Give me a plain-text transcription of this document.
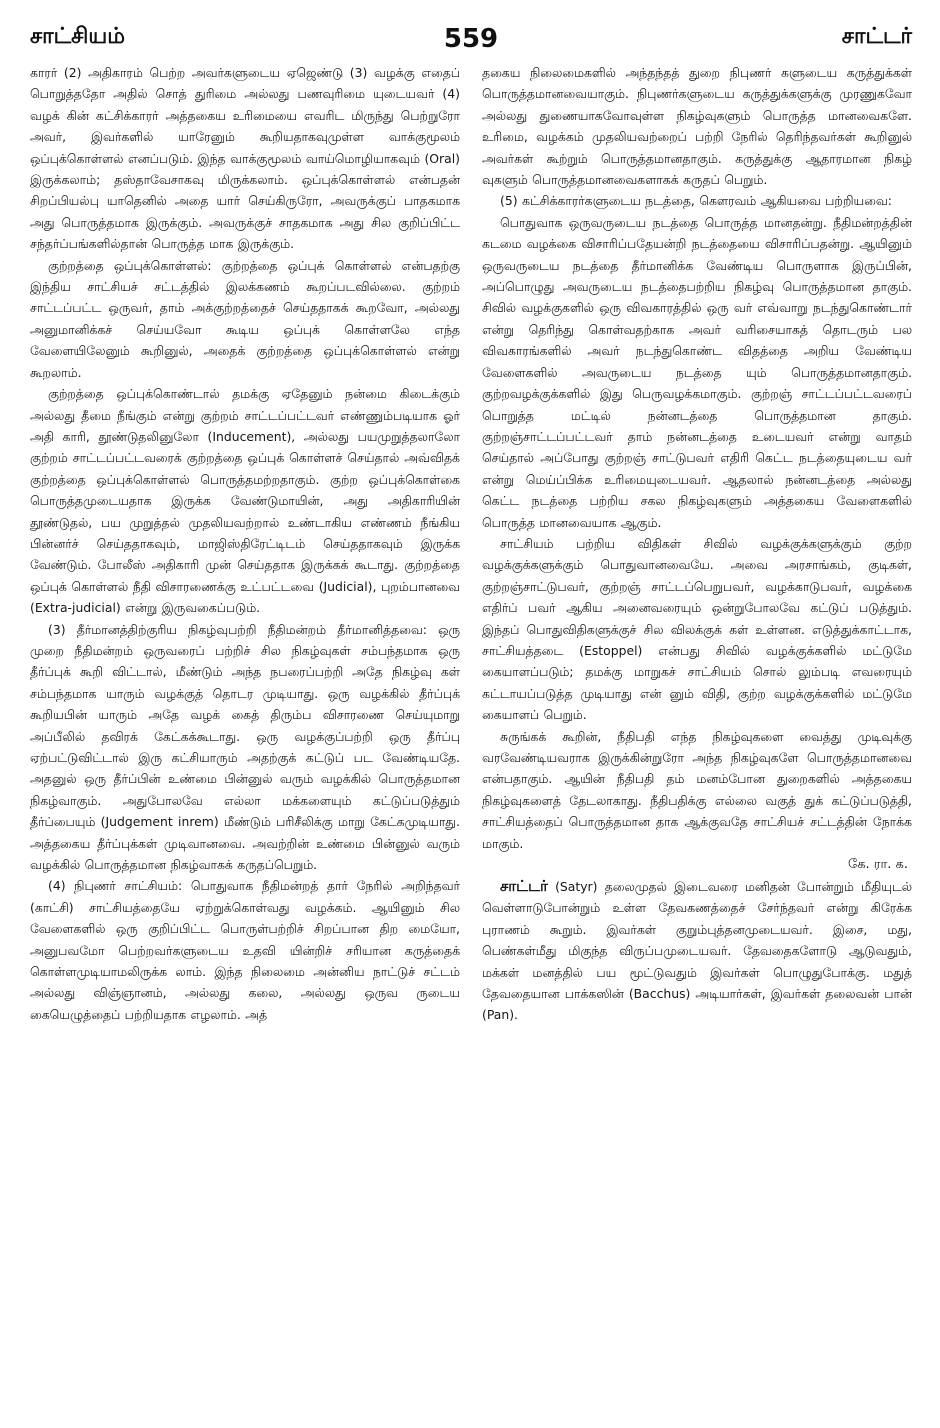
சாட்சியம்	559	சாட்டர்

காரர் (2) அதிகாரம் பெற்ற அவர்களுடைய ஏஜெண்டு (3) வழக்கு எதைப் பொறுத்ததோ அதில் சொத் துரிமை அல்லது பணவுரிமை யுடையவர் (4) வழக் கின் கட்சிக்காரர் அத்தகைய உரிமையை எவரிட மிருந்து பெற்றுரோ அவர், இவர்களில் யாரேனும் கூறியதாகவுமுள்ள வாக்குமூலம் ஒப்புக்கொள்ளல் எனப்படும். இந்த வாக்குமூலம் வாய்மொழியாகவும் (Oral) இருக்கலாம்; தஸ்தாவேசாகவு மிருக்கலாம். ஒப்புக்கொள்ளல் என்பதன் சிறப்பியல்பு யாதெனில் அதை யார் செய்கிருரோ, அவருக்குப் பாதகமாக அது பொருத்தமாக இருக்கும். அவருக்குச் சாதகமாக அது சில குறிப்பிட்ட சந்தர்ப்பங்களில்தான் பொருத்த மாக இருக்கும்.

குற்றத்தை ஒப்புக்கொள்ளல்: குற்றத்தை ஒப்புக் கொள்ளல் என்பதற்கு இந்திய சாட்சியச் சட்டத்தில் இலக்கணம் கூறப்படவில்லை. குற்றம் சாட்டப்பட்ட ஒருவர், தாம் அக்குற்றத்தைச் செய்ததாகக் கூறவோ, அல்லது அனுமானிக்கச் செய்யவோ கூடிய ஒப்புக் கொள்ளலே எந்த வேளையிலேனும் கூறினுல், அதைக் குற்றத்தை ஒப்புக்கொள்ளல் என்று கூறலாம்.

குற்றத்தை ஒப்புக்கொண்டால் தமக்கு ஏதேனும் நன்மை கிடைக்கும் அல்லது தீமை நீங்கும் என்று குற்றம் சாட்டப்பட்டவர் எண்ணும்படியாக ஓர் அதி காரி, தூண்டுதலினுலோ (Inducement), அல்லது பயமுறுத்தலாலோ குற்றம் சாட்டப்பட்டவரைக் குற்றத்தை ஒப்புக் கொள்ளச் செய்தால் அவ்விதக் குற்றத்தை ஒப்புக்கொள்ளல் பொருத்தமற்றதாகும். குற்ற ஒப்புக்கொள்கை பொருத்தமுடையதாக இருக்க வேண்டுமாயின், அது அதிகாரியின் தூண்டுதல், பய முறுத்தல் முதலியவற்றால் உண்டாகிய எண்ணம் நீங்கிய பின்னர்ச் செய்ததாகவும், மாஜிஸ்திரேட்டிடம் செய்ததாகவும் இருக்க வேண்டும். போலீஸ் அதிகாரி முன் செய்ததாக இருக்கக் கூடாது. குற்றத்தை ஒப்புக் கொள்ளல் நீதி விசாரணைக்கு உட்பட்டவை (Judicial), புறம்பானவை (Extra-judicial) என்று இருவகைப்படும்.

(3) தீர்மானத்திற்குரிய நிகழ்வுபற்றி நீதிமன்றம் தீர்மானித்தவை: ஒரு முறை நீதிமன்றம் ஒருவரைப் பற்றிச் சில நிகழ்வுகள் சம்பந்தமாக ஒரு தீர்ப்புக் கூறி விட்டால், மீண்டும் அந்த நபரைப்பற்றி அதே நிகழ்வு கள் சம்பந்தமாக யாரும் வழக்குத் தொடர முடியாது. ஒரு வழக்கில் தீர்ப்புக் கூறியபின் யாரும் அதே வழக் கைத் திரும்ப விசாரணை செய்யுமாறு அப்பீலில் தவிரக் கேட்கக்கூடாது. ஒரு வழக்குப்பற்றி ஒரு தீர்ப்பு ஏற்பட்டுவிட்டால் இரு கட்சியாரும் அதற்குக் கட்டுப் பட வேண்டியதே. அதனுல் ஒரு தீர்ப்பின் உண்மை பின்னுல் வரும் வழக்கில் பொருத்தமான நிகழ்வாகும். அதுபோலவே எல்லா மக்களையும் கட்டுப்படுத்தும் தீர்ப்பையும் (Judgement inrem) மீண்டும் பரிசீலிக்கு மாறு கேட்கமுடியாது. அத்தகைய தீர்ப்புக்கள் முடிவானவை. அவற்றின் உண்மை பின்னுல் வரும் வழக்கில் பொருத்தமான நிகழ்வாகக் கருதப்பெறும்.

(4) நிபுணர் சாட்சியம்: பொதுவாக நீதிமன்றத் தார் நேரில் அறிந்தவர் (காட்சி) சாட்சியத்தையே ஏற்றுக்கொள்வது வழக்கம். ஆயினும் சில வேளைகளில் ஒரு குறிப்பிட்ட பொருள்பற்றிச் சிறப்பான திற மையோ, அனுபவமோ பெற்றவர்களுடைய உதவி யின்றிச் சரியான கருத்தைக் கொள்ளமுடியாமலிருக்க லாம். இந்த நிலைமை அன்னிய நாட்டுச் சட்டம் அல்லது விஞ்ஞானம், அல்லது கலை, அல்லது ஒருவ ருடைய கையெழுத்தைப் பற்றியதாக எழலாம். அத்

தகைய நிலைமைகளில் அந்தந்தத் துறை நிபுணர் களுடைய கருத்துக்கள் பொருத்தமானவையாகும். நிபுணர்களுடைய கருத்துக்களுக்கு முரணுகவோ அல்லது துணையாகவோவுள்ள நிகழ்வுகளும் பொருத்த மானவைகளே. உரிமை, வழக்கம் முதலியவற்றைப் பற்றி நேரில் தெரிந்தவர்கள் கூறினுல் அவர்கள் கூற்றும் பொருத்தமானதாகும். கருத்துக்கு ஆதாரமான நிகழ் வுகளும் பொருத்தமானவைகளாகக் கருதப் பெறும்.

(5) கட்சிக்காரர்களுடைய நடத்தை, கௌரவம் ஆகியவை பற்றியவை:

பொதுவாக ஒருவருடைய நடத்தை பொருத்த மானதன்று. நீதிமன்றத்தின் கடமை வழக்கை விசாரிப்பதேயன்றி நடத்தையை விசாரிப்பதன்று. ஆயினும் ஒருவருடைய நடத்தை தீர்மானிக்க வேண்டிய பொருளாக இருப்பின், அப்பொழுது அவருடைய நடத்தைபற்றிய நிகழ்வு பொருத்தமான தாகும். சிவில் வழக்குகளில் ஒரு விவகாரத்தில் ஒரு வர் எவ்வாறு நடந்துகொண்டார் என்று தெரிந்து கொள்வதற்காக அவர் வரிசையாகத் தொடரும் பல விவகாரங்களில் அவர் நடந்துகொண்ட விதத்தை அறிய வேண்டிய வேளைகளில் அவருடைய நடத்தை யும் பொருத்தமானதாகும். குற்றவழக்குக்களில் இது பெருவழக்கமாகும். குற்றஞ் சாட்டப்பட்டவரைப் பொறுத்த மட்டில் நன்னடத்தை பொருத்தமான தாகும். குற்றஞ்சாட்டப்பட்டவர் தாம் நன்னடத்தை உடையவர் என்று வாதம் செய்தால் அப்போது குற்றஞ் சாட்டுபவர் எதிரி கெட்ட நடத்தையுடைய வர் என்று மெய்ப்பிக்க உரிமையுடையவர். ஆதலால் நன்னடத்தை அல்லது கெட்ட நடத்தை பற்றிய சகல நிகழ்வுகளும் அத்தகைய வேளைகளில் பொருத்த மானவையாக ஆகும்.

சாட்சியம் பற்றிய விதிகள் சிவில் வழக்குக்களுக்கும் குற்ற வழக்குக்களுக்கும் பொதுவானவையே. அவை அரசாங்கம், குடிகள், குற்றஞ்சாட்டுபவர், குற்றஞ் சாட்டப்பெறுபவர், வழக்காடுபவர், வழக்கை எதிர்ப் பவர் ஆகிய அனைவரையும் ஒன்றுபோலவே கட்டுப் படுத்தும். இந்தப் பொதுவிதிகளுக்குச் சில விலக்குக் கள் உள்ளன. எடுத்துக்காட்டாக, சாட்சியத்தடை (Estoppel) என்பது சிவில் வழக்குக்களில் மட்டுமே கையாளப்படும்; தமக்கு மாறுகச் சாட்சியம் சொல் லும்படி எவரையும் கட்டாயப்படுத்த முடியாது என் னும் விதி, குற்ற வழக்குக்களில் மட்டுமே கையாளப் பெறும்.

சுருங்கக் கூறின், நீதிபதி எந்த நிகழ்வுகளை வைத்து முடிவுக்கு வரவேண்டியவராக இருக்கின்றுரோ அந்த நிகழ்வுகளே பொருத்தமானவை என்பதாகும். ஆயின் நீதிபதி தம் மனம்போன துறைகளில் அத்தகைய நிகழ்வுகளைத் தேடலாகாது. நீதிபதிக்கு எல்லை வகுத் துக் கட்டுப்படுத்தி, சாட்சியத்தைப் பொருத்தமான தாக ஆக்குவதே சாட்சியச் சட்டத்தின் நோக்க மாகும்.

கே. ரா. க.

சாட்டர் (Satyr) தலைமுதல் இடைவரை மனிதன் போன்றும் மீதியுடல் வெள்ளாடுபோன்றும் உள்ள தேவகணத்தைச் சேர்ந்தவர் என்று கிரேக்க புராணம் கூறும். இவர்கள் குறும்புத்தனமுடையவர். இசை, மது, பெண்கள்மீது மிகுந்த விருப்பமுடையவர். தேவதைகளோடு ஆடுவதும், மக்கள் மனத்தில் பய மூட்டுவதும் இவர்கள் பொழுதுபோக்கு. மதுத் தேவதையான பாக்கஸின் (Bacchus) அடியார்கள், இவர்கள் தலைவன் பான் (Pan).
